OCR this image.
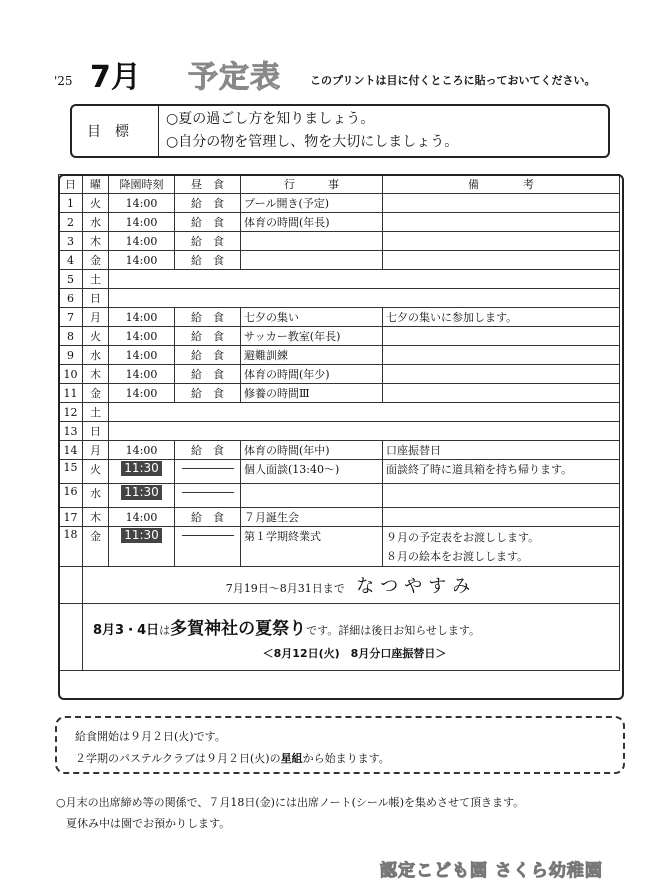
'25 7月 予定表	このプリントは目に付くところに貼っておいてください。
目標
○夏の過ごし方を知りましょう。
○自分の物を管理し、物を大切にしましょう。
日	曜	降園時刻	昼　食	行　　　事	備　　　　考
1	火	14:00	給　食	プール開き(予定)	
2	水	14:00	給　食	体育の時間(年長)	
3	木	14:00	給　食		
4	金	14:00	給　食		
5	土				
6	日				
7	月	14:00	給　食	七夕の集い	七夕の集いに参加します。
8	火	14:00	給　食	サッカー教室(年長)	
9	水	14:00	給　食	避難訓練	
10	木	14:00	給　食	体育の時間(年少)	
11	金	14:00	給　食	修養の時間Ⅲ	
12	土				
13	日				
14	月	14:00	給　食	体育の時間(年中)	口座振替日
15	火	11:30		個人面談(13:40〜)	面談終了時に道具箱を持ち帰ります。
16	水	11:30			
17	木	14:00	給　食	７月誕生会	
18	金	11:30		第１学期終業式	９月の予定表をお渡しします。
８月の絵本をお渡しします。

	7月19日～8月31日まで なつやすみ				

	8月3・4日は多賀神社の夏祭りです。詳細は後日お知らせします。
＜8月12日(火)　8月分口座振替日＞				
給食開始は９月２日(火)です。
２学期のパステルクラブは９月２日(火)の星組から始まります。
○月末の出席締め等の関係で、７月18日(金)には出席ノート(シール帳)を集めさせて頂きます。
夏休み中は園でお預かりします。
認定こども園 さくら幼稚園
